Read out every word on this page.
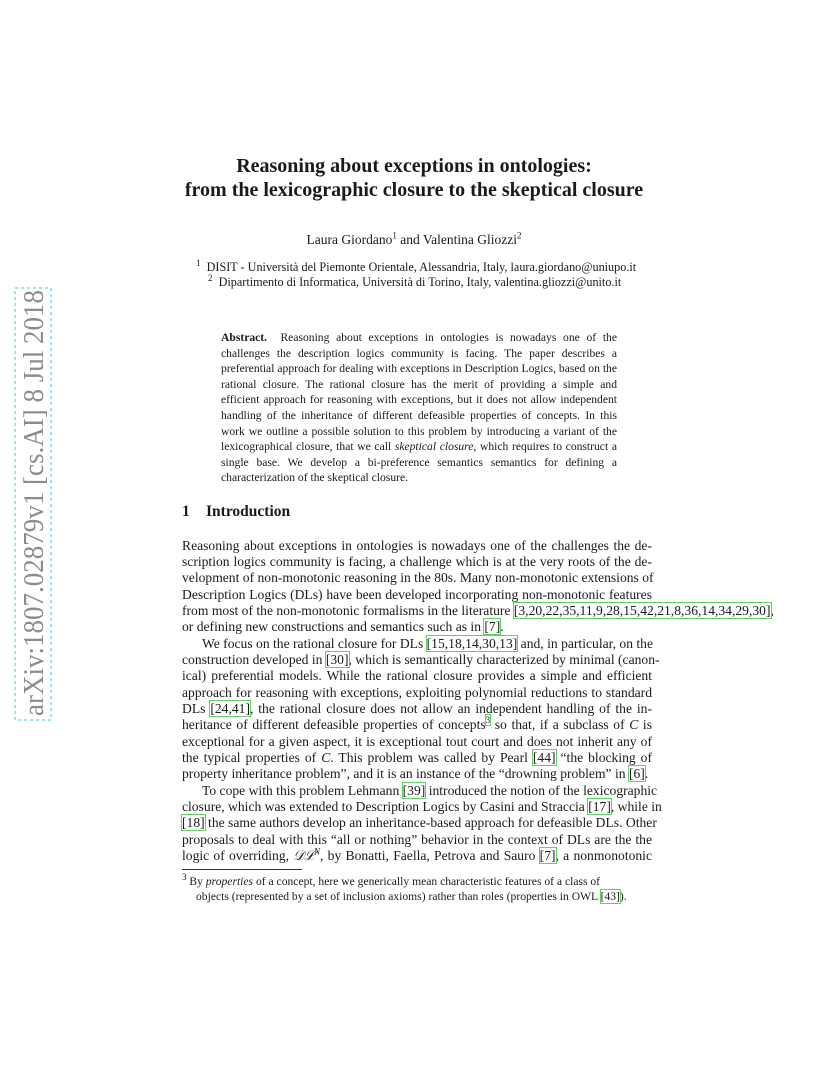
arXiv:1807.02879v1 [cs.AI] 8 Jul 2018
Reasoning about exceptions in ontologies:
from the lexicographic closure to the skeptical closure
Laura Giordano$^1$ and Valentina Gliozzi$^2$
$^1$ DISIT - Università del Piemonte Orientale, Alessandria, Italy, laura.giordano@uniupo.it
$^2$ Dipartimento di Informatica, Università di Torino, Italy, valentina.gliozzi@unito.it
Abstract. Reasoning about exceptions in ontologies is nowadays one of the challenges the description logics community is facing. The paper describes a preferential approach for dealing with exceptions in Description Logics, based on the rational closure. The rational closure has the merit of providing a simple and efficient approach for reasoning with exceptions, but it does not allow independent handling of the inheritance of different defeasible properties of concepts. In this work we outline a possible solution to this problem by introducing a variant of the lexicographical closure, that we call skeptical closure, which requires to construct a single base. We develop a bi-preference semantics semantics for defining a characterization of the skeptical closure.
1 Introduction
Reasoning about exceptions in ontologies is nowadays one of the challenges the de-
scription logics community is facing, a challenge which is at the very roots of the de-
velopment of non-monotonic reasoning in the 80s. Many non-monotonic extensions of
Description Logics (DLs) have been developed incorporating non-monotonic features
from most of the non-monotonic formalisms in the literature [3,20,22,35,11,9,28,15,42,21,8,36,14,34,29,30],
or defining new constructions and semantics such as in [7].
We focus on the rational closure for DLs [15,18,14,30,13] and, in particular, on the
construction developed in [30], which is semantically characterized by minimal (canon-
ical) preferential models. While the rational closure provides a simple and efficient
approach for reasoning with exceptions, exploiting polynomial reductions to standard
DLs [24,41], the rational closure does not allow an independent handling of the in-
heritance of different defeasible properties of concepts$^3$ so that, if a subclass of C is
exceptional for a given aspect, it is exceptional tout court and does not inherit any of
the typical properties of C. This problem was called by Pearl [44] “the blocking of
property inheritance problem”, and it is an instance of the “drowning problem” in [6].
To cope with this problem Lehmann [39] introduced the notion of the lexicographic
closure, which was extended to Description Logics by Casini and Straccia [17], while in
[18] the same authors develop an inheritance-based approach for defeasible DLs. Other
proposals to deal with this “all or nothing” behavior in the context of DLs are the the
logic of overriding, 𝒟ℒ$^N$, by Bonatti, Faella, Petrova and Sauro [7], a nonmonotonic
$^3$ By properties of a concept, here we generically mean characteristic features of a class of
objects (represented by a set of inclusion axioms) rather than roles (properties in OWL [43]).
